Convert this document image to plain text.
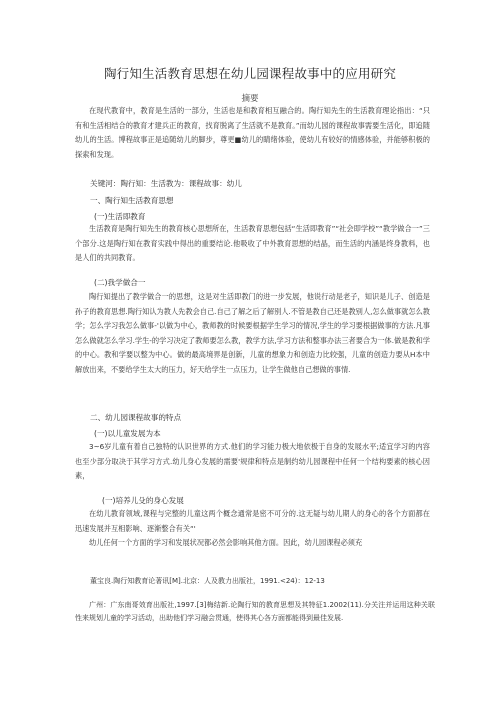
陶行知生活教育思想在幼儿园课程故事中的应用研究
摘要
在现代教育中，教育是生活的一部分，生活也是和教育相互融合的。陶行知先生的生活教育理论指出：“只有和生活相结合的教育才建兵正的教育，找育脱离了生活就不是教育。”而幼儿园的课程故事需要生活化，即追随幼儿的生活。博程故事正是追随幼儿的脚步，尊更■幼儿的睛绪体验，使幼儿有较好的情感体验，并能够积极的探索和发现。
关键河：陶行知：生活教为：课程故事：幼儿
一、陶行知生活教育思想
(一)生活即教育
生活教育是陶行知先生的教育核心思想所在，生活教育思想包括“生活即教育”“社会即学校”“教学做合一”三个部分.这是陶行知在教育实践中得出的重要结论.他吸收了中外教育思想的结晶，而生活的内涵是终身教料，也是人们的共同教育。
(二)我学做合一
陶行知提出了教学做合一的思想，这是对生活即教门的进一步发展，他说行动是老子，知识是儿子、创造是孙子的教育思想.陶行知认为教人先教会自己.自己了解之后了解别人.不管是教自己还是教别人,怎么做事就怎么教学；怎么学习我怎么做事-'以做为中心，教师教的时候要根据学生学习的情况,学生的学习要根据做事的方法.凡事怎么做就怎么学习.学生-的学习决定了教师要怎么教，教学方法,学习方法和整事办法三者要合为一体.做是教和学的中心。教和学要以整为中心。做的最高境界是创新，儿童的想象力和创造力比较强，儿童的创造力要从H本中解放出来，不要给学生太大的压力，好天给学生一点压力，让学生做他自己想做的事情.
二、幼儿园课程故事的特点
(一)以儿童发展为本
3~6岁儿童有着自己独特的认识世界的方式.他们的学习能力极大地依极于自身的发屐水平;适宜学习的内容也至少部分取决于其学习方式.幼儿身心发展的需要'规律和特点是制约幼儿园课程中任何一个结构要素的核心因素，
(一)培养儿殳的身心发展
在幼儿教育领域,课程与完整的儿童这两个概念通常是密不可分的.这无疑与幼儿期人的身心的各个方面都在迅速发展并互相影响、逐渐整合有关“'
幼儿任何一个方面的学习和发展状况都必然会影响其他方面。因此，幼儿园课程必须充
董宝良.陶行知教育论著讯[M].北京：人及教力出版社，1991.<24)：12-13
广州：广东南哥效育出版社,1997.[3]梅结新.论陶行知的教育思想及其特征1.2002(11).分关注并运用这种关联性来规划儿童的学习活动，出助他们学习融会贯通，使得其心各方面都能得到最佳发展.
